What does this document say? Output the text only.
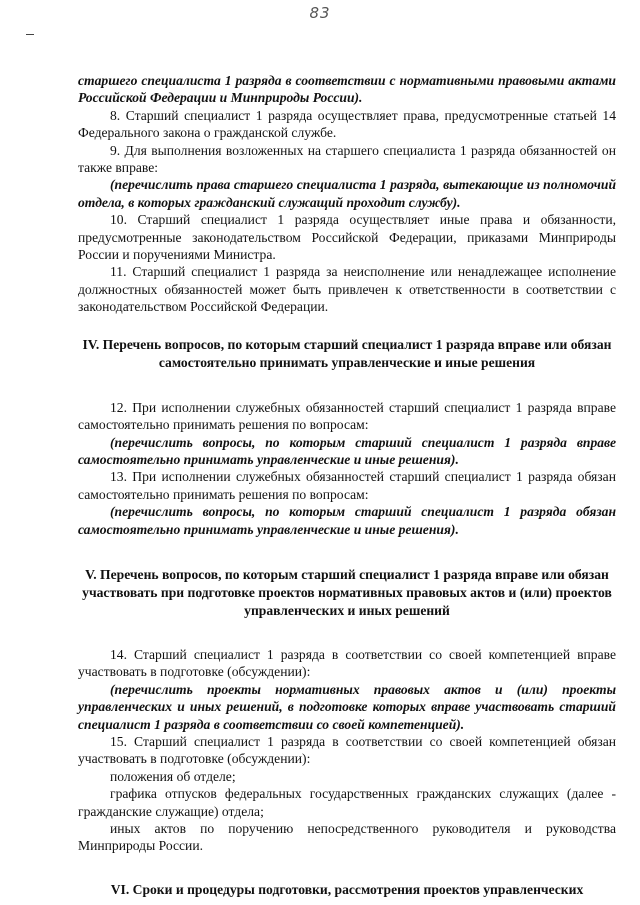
83

старшего специалиста 1 разряда в соответствии с нормативными правовыми актами Российской Федерации и Минприроды России).

8. Старший специалист 1 разряда осуществляет права, предусмотренные статьей 14 Федерального закона о гражданской службе.

9. Для выполнения возложенных на старшего специалиста 1 разряда обязанностей он также вправе:

(перечислить права старшего специалиста 1 разряда, вытекающие из полномочий отдела, в которых гражданский служащий проходит службу).

10. Старший специалист 1 разряда осуществляет иные права и обязанности, предусмотренные законодательством Российской Федерации, приказами Минприроды России и поручениями Министра.

11. Старший специалист 1 разряда за неисполнение или ненадлежащее исполнение должностных обязанностей может быть привлечен к ответственности в соответствии с законодательством Российской Федерации.

IV. Перечень вопросов, по которым старший специалист 1 разряда вправе или обязан самостоятельно принимать управленческие и иные решения

12. При исполнении служебных обязанностей старший специалист 1 разряда вправе самостоятельно принимать решения по вопросам:

(перечислить вопросы, по которым старший специалист 1 разряда вправе самостоятельно принимать управленческие и иные решения).

13. При исполнении служебных обязанностей старший специалист 1 разряда обязан самостоятельно принимать решения по вопросам:

(перечислить вопросы, по которым старший специалист 1 разряда обязан самостоятельно принимать управленческие и иные решения).

V. Перечень вопросов, по которым старший специалист 1 разряда вправе или обязан участвовать при подготовке проектов нормативных правовых актов и (или) проектов управленческих и иных решений

14. Старший специалист 1 разряда в соответствии со своей компетенцией вправе участвовать в подготовке (обсуждении):

(перечислить проекты нормативных правовых актов и (или) проекты управленческих и иных решений, в подготовке которых вправе участвовать старший специалист 1 разряда в соответствии со своей компетенцией).

15. Старший специалист 1 разряда в соответствии со своей компетенцией обязан участвовать в подготовке (обсуждении):

положения об отделе;

графика отпусков федеральных государственных гражданских служащих (далее - гражданские служащие) отдела;

иных актов по поручению непосредственного руководителя и руководства Минприроды России.

VI. Сроки и процедуры подготовки, рассмотрения проектов управленческих
